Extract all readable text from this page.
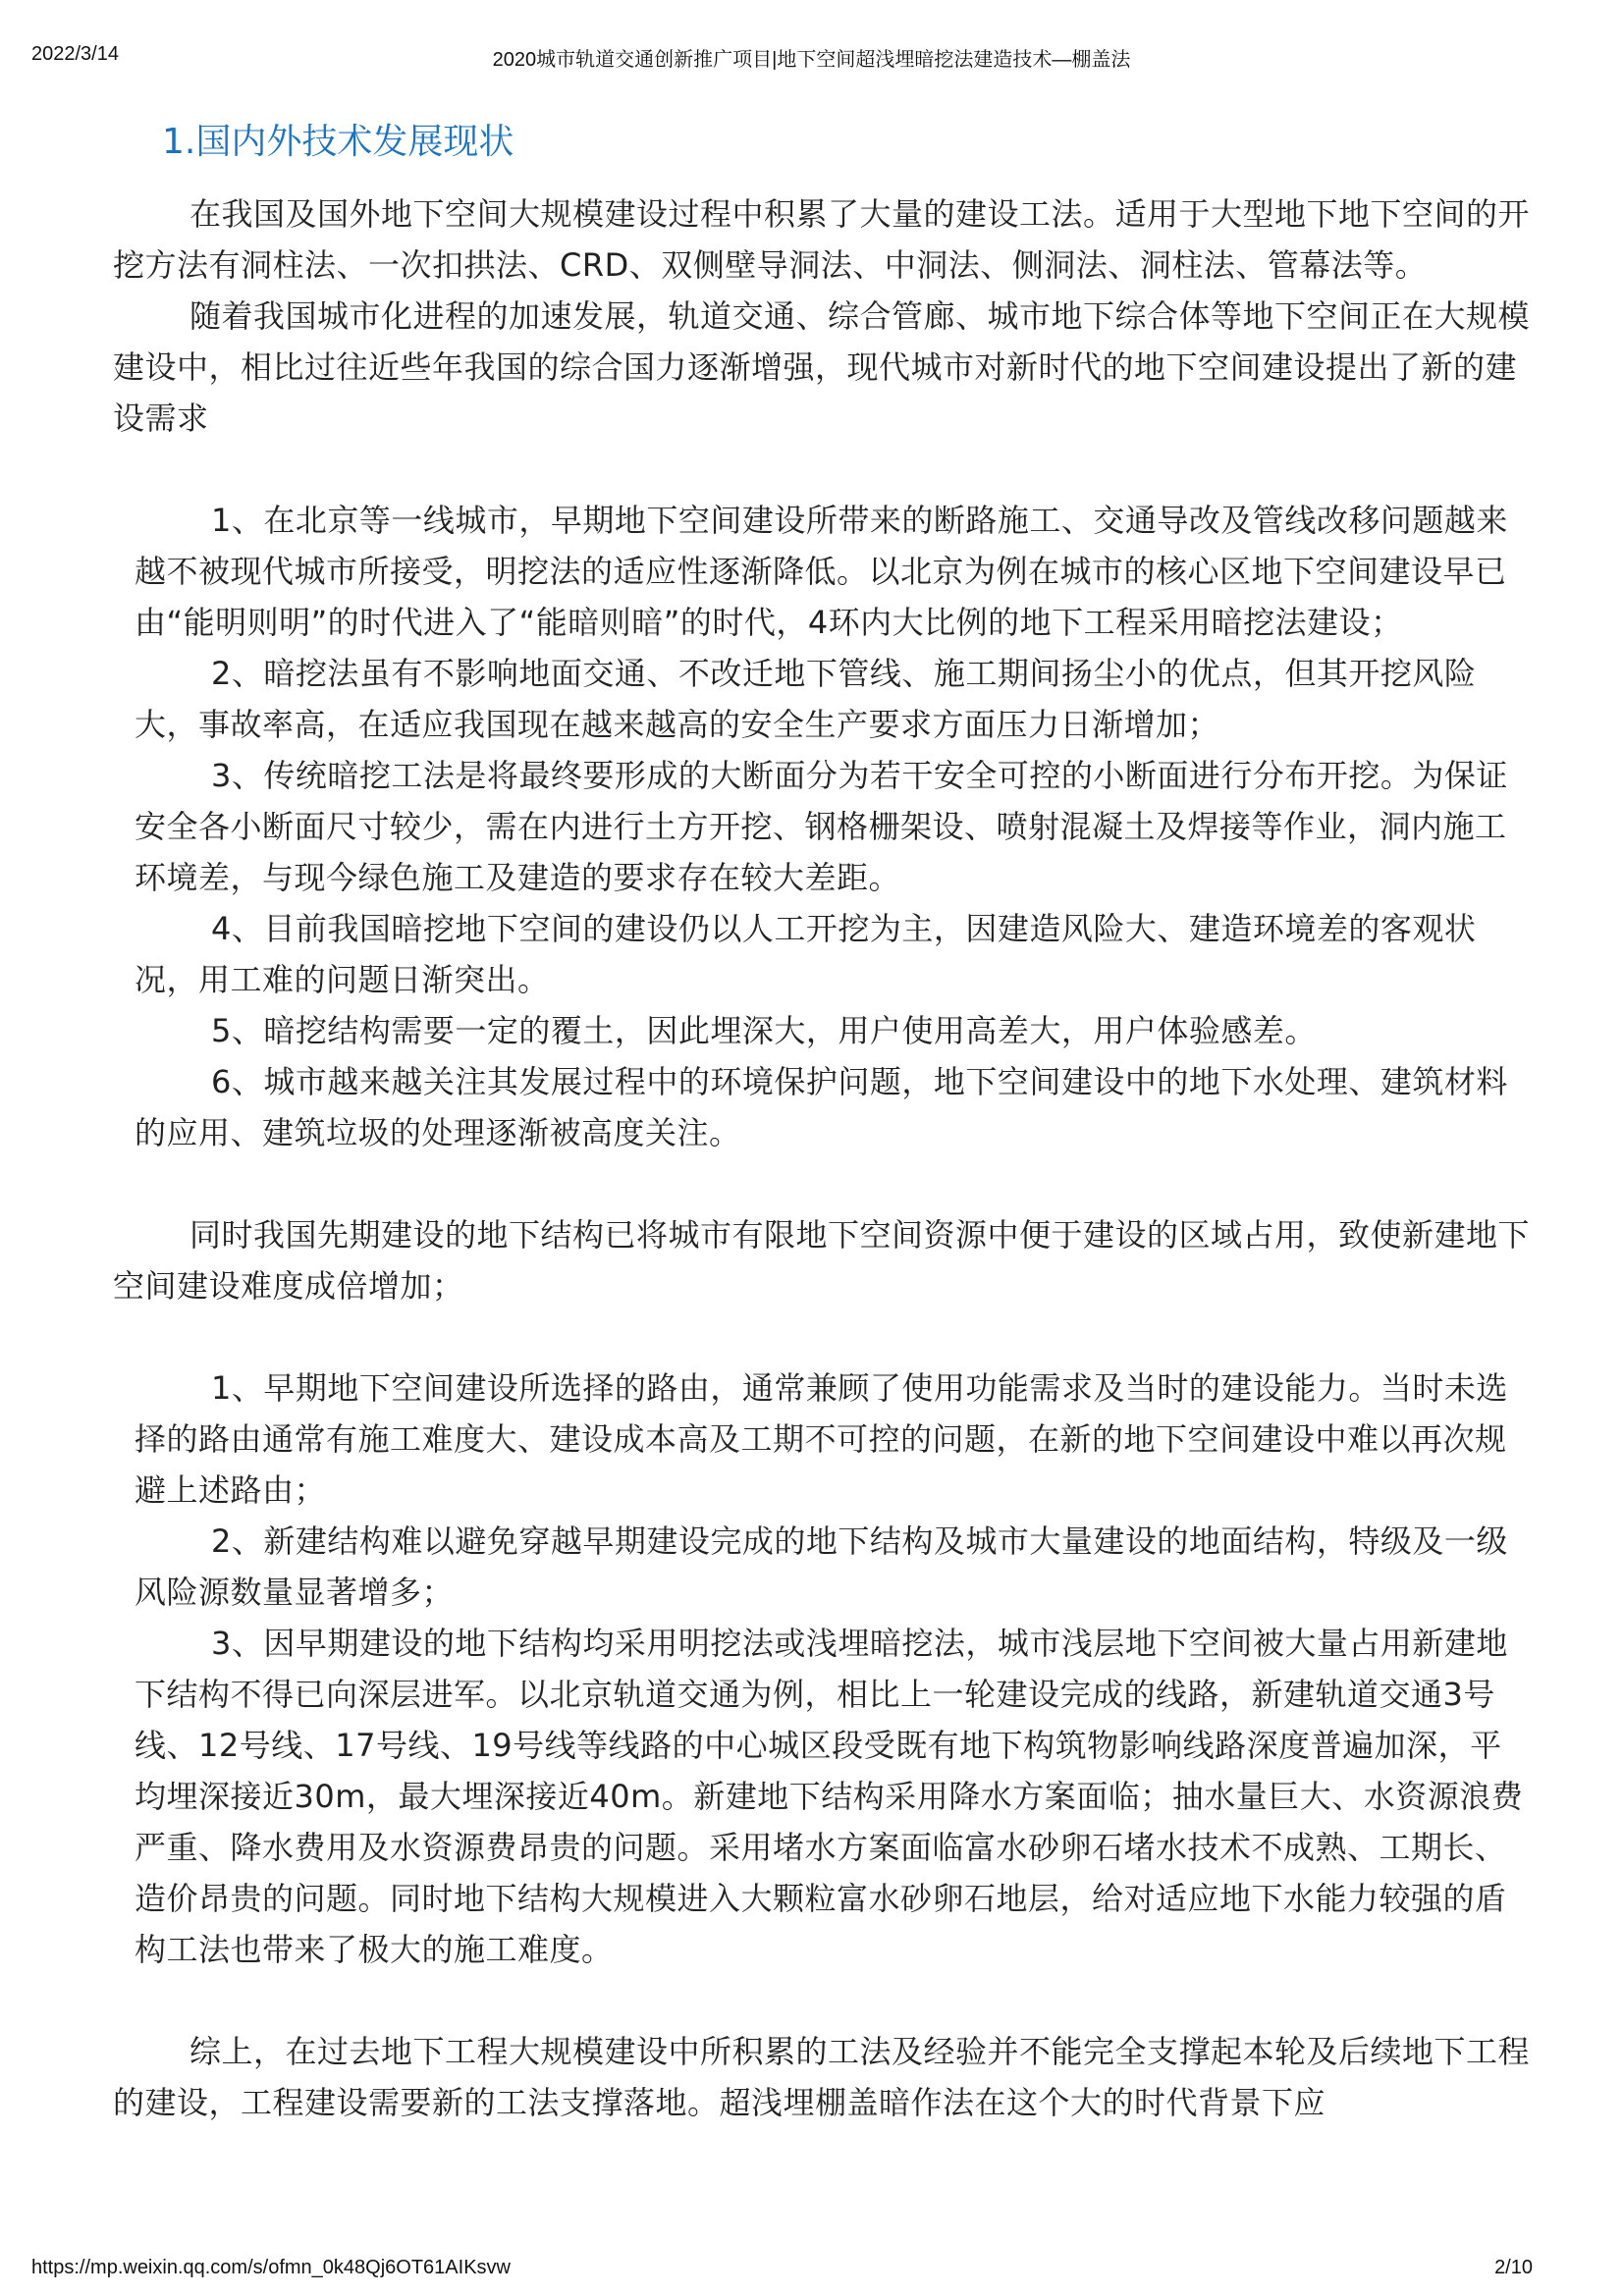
2022/3/14	2020城市轨道交通创新推广项目|地下空间超浅埋暗挖法建造技术—棚盖法
1.国内外技术发展现状

在我国及国外地下空间大规模建设过程中积累了大量的建设工法。适用于大型地下地下空间的开挖方法有洞柱法、一次扣拱法、CRD、双侧壁导洞法、中洞法、侧洞法、洞柱法、管幕法等。

随着我国城市化进程的加速发展，轨道交通、综合管廊、城市地下综合体等地下空间正在大规模建设中，相比过往近些年我国的综合国力逐渐增强，现代城市对新时代的地下空间建设提出了新的建设需求

1、在北京等一线城市，早期地下空间建设所带来的断路施工、交通导改及管线改移问题越来越不被现代城市所接受，明挖法的适应性逐渐降低。以北京为例在城市的核心区地下空间建设早已由“能明则明”的时代进入了“能暗则暗”的时代，4环内大比例的地下工程采用暗挖法建设；

2、暗挖法虽有不影响地面交通、不改迁地下管线、施工期间扬尘小的优点，但其开挖风险大，事故率高，在适应我国现在越来越高的安全生产要求方面压力日渐增加；

3、传统暗挖工法是将最终要形成的大断面分为若干安全可控的小断面进行分布开挖。为保证安全各小断面尺寸较少，需在内进行土方开挖、钢格栅架设、喷射混凝土及焊接等作业，洞内施工环境差，与现今绿色施工及建造的要求存在较大差距。

4、目前我国暗挖地下空间的建设仍以人工开挖为主，因建造风险大、建造环境差的客观状况，用工难的问题日渐突出。

5、暗挖结构需要一定的覆土，因此埋深大，用户使用高差大，用户体验感差。

6、城市越来越关注其发展过程中的环境保护问题，地下空间建设中的地下水处理、建筑材料的应用、建筑垃圾的处理逐渐被高度关注。

同时我国先期建设的地下结构已将城市有限地下空间资源中便于建设的区域占用，致使新建地下空间建设难度成倍增加；

1、早期地下空间建设所选择的路由，通常兼顾了使用功能需求及当时的建设能力。当时未选择的路由通常有施工难度大、建设成本高及工期不可控的问题，在新的地下空间建设中难以再次规避上述路由；

2、新建结构难以避免穿越早期建设完成的地下结构及城市大量建设的地面结构，特级及一级风险源数量显著增多；

3、因早期建设的地下结构均采用明挖法或浅埋暗挖法，城市浅层地下空间被大量占用新建地下结构不得已向深层进军。以北京轨道交通为例，相比上一轮建设完成的线路，新建轨道交通3号线、12号线、17号线、19号线等线路的中心城区段受既有地下构筑物影响线路深度普遍加深，平均埋深接近30m，最大埋深接近40m。新建地下结构采用降水方案面临；抽水量巨大、水资源浪费严重、降水费用及水资源费昂贵的问题。采用堵水方案面临富水砂卵石堵水技术不成熟、工期长、造价昂贵的问题。同时地下结构大规模进入大颗粒富水砂卵石地层，给对适应地下水能力较强的盾构工法也带来了极大的施工难度。

综上，在过去地下工程大规模建设中所积累的工法及经验并不能完全支撑起本轮及后续地下工程的建设，工程建设需要新的工法支撑落地。超浅埋棚盖暗作法在这个大的时代背景下应

https://mp.weixin.qq.com/s/ofmn_0k48Qj6OT61AIKsvw	2/10
